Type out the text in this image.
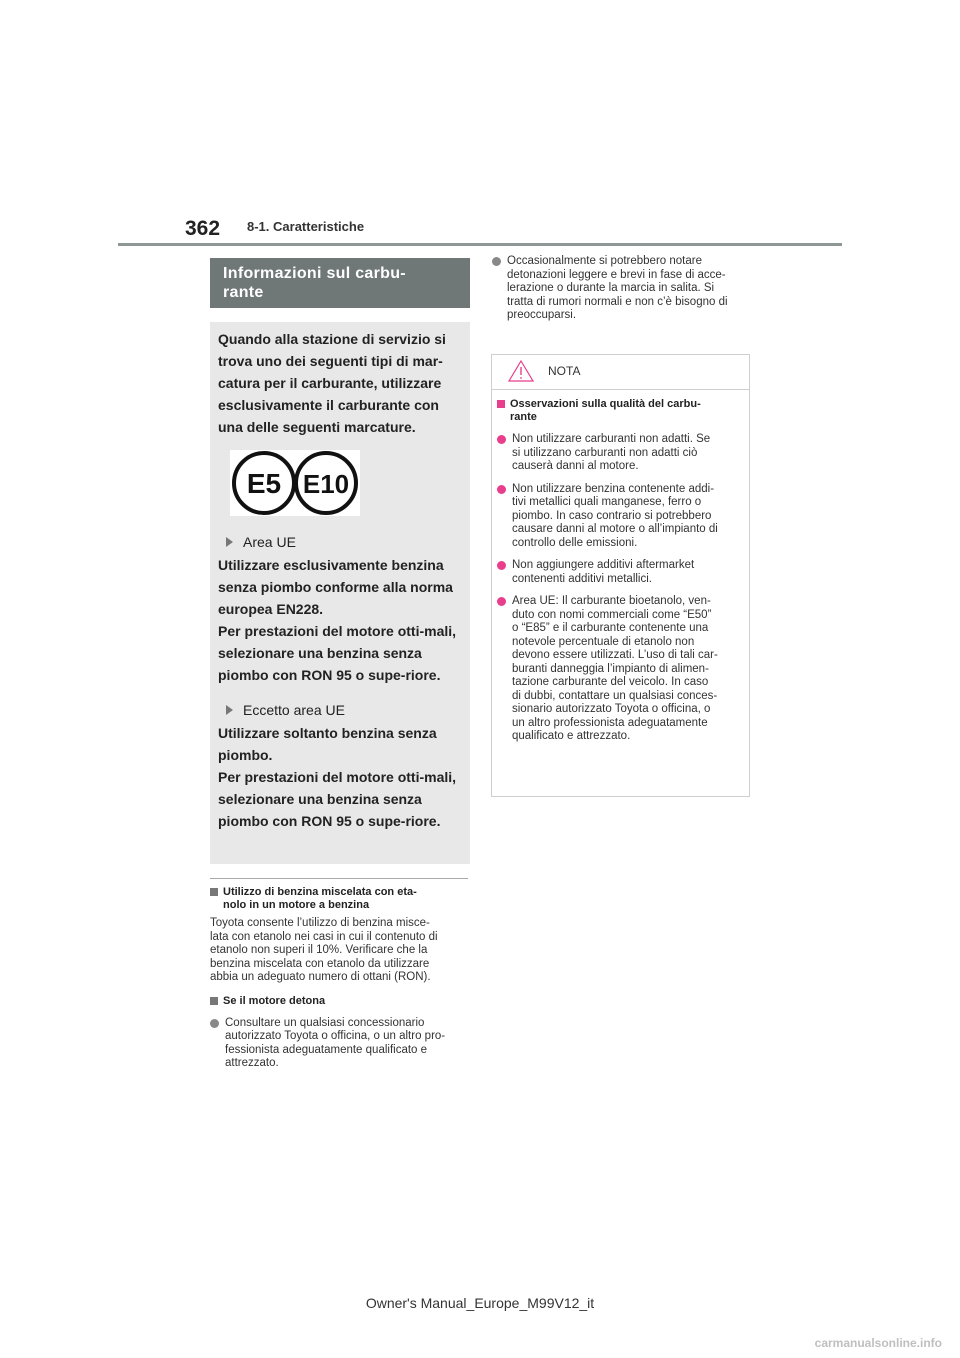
362 8-1. Caratteristiche
Informazioni sul carbu-
rante

Quando alla stazione di servizio si trova uno dei seguenti tipi di mar-catura per il carburante, utilizzare esclusivamente il carburante con una delle seguenti marcature.

E5 E10
Area UE

Utilizzare esclusivamente benzina senza piombo conforme alla norma europea EN228.
Per prestazioni del motore otti-mali, selezionare una benzina senza piombo con RON 95 o supe-riore.

Eccetto area UE

Utilizzare soltanto benzina senza piombo.
Per prestazioni del motore otti-mali, selezionare una benzina senza piombo con RON 95 o supe-riore.

Utilizzo di benzina miscelata con eta-
nolo in un motore a benzina

Toyota consente l’utilizzo di benzina misce-
lata con etanolo nei casi in cui il contenuto di
etanolo non superi il 10%. Verificare che la
benzina miscelata con etanolo da utilizzare
abbia un adeguato numero di ottani (RON).

Se il motore detona
Consultare un qualsiasi concessionario
autorizzato Toyota o officina, o un altro pro-
fessionista adeguatamente qualificato e
attrezzato.
Occasionalmente si potrebbero notare
detonazioni leggere e brevi in fase di acce-
lerazione o durante la marcia in salita. Si
tratta di rumori normali e non c’è bisogno di
preoccuparsi.
NOTA
Osservazioni sulla qualità del carbu-
rante
Non utilizzare carburanti non adatti. Se
si utilizzano carburanti non adatti ciò
causerà danni al motore.
Non utilizzare benzina contenente addi-
tivi metallici quali manganese, ferro o
piombo. In caso contrario si potrebbero
causare danni al motore o all’impianto di
controllo delle emissioni.
Non aggiungere additivi aftermarket
contenenti additivi metallici.
Area UE: Il carburante bioetanolo, ven-
duto con nomi commerciali come “E50”
o “E85” e il carburante contenente una
notevole percentuale di etanolo non
devono essere utilizzati. L’uso di tali car-
buranti danneggia l’impianto di alimen-
tazione carburante del veicolo. In caso
di dubbi, contattare un qualsiasi conces-
sionario autorizzato Toyota o officina, o
un altro professionista adeguatamente
qualificato e attrezzato.
Owner's Manual_Europe_M99V12_it
carmanualsonline.info
